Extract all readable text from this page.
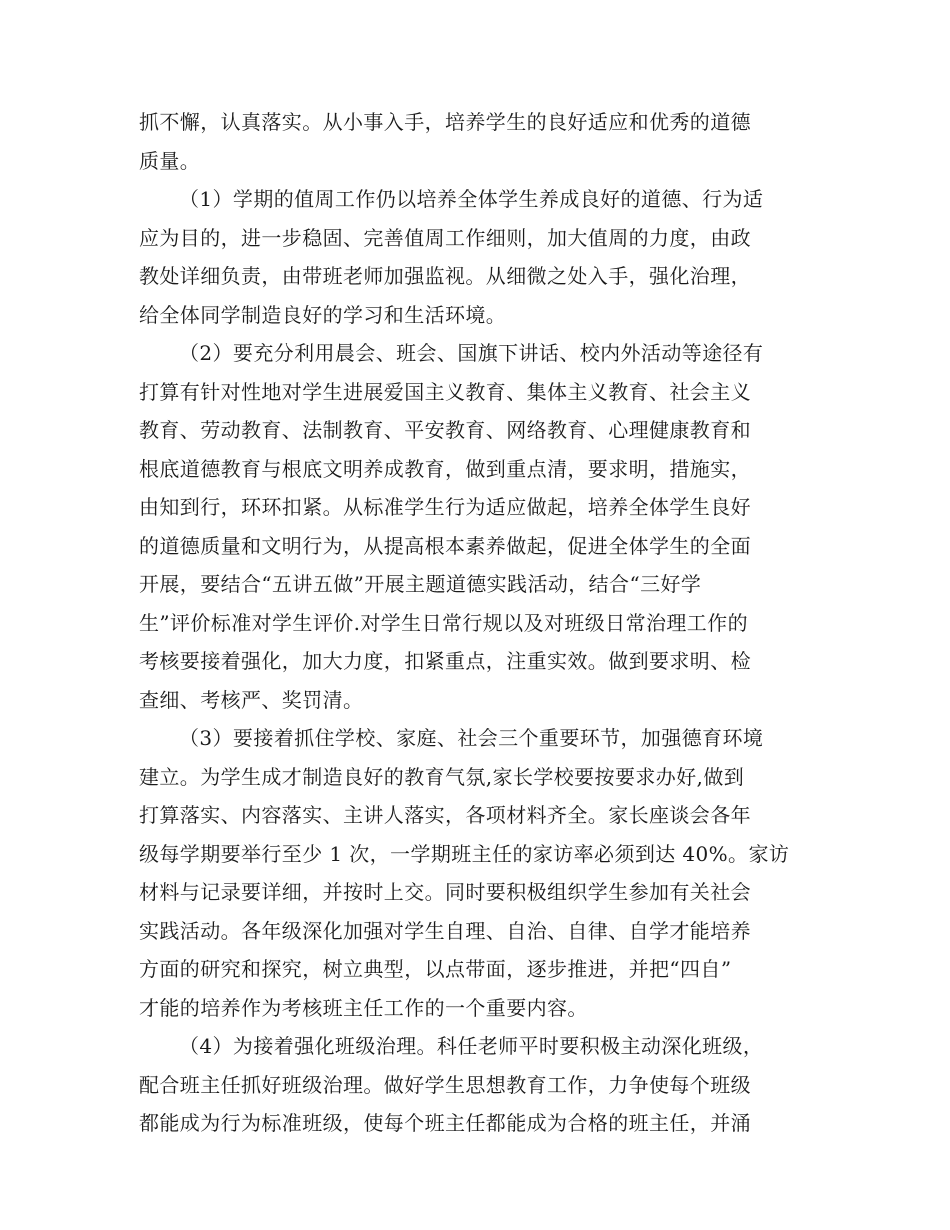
抓不懈，认真落实。从小事入手，培养学生的良好适应和优秀的道德
质量。

（1）学期的值周工作仍以培养全体学生养成良好的道德、行为适
应为目的，进一步稳固、完善值周工作细则，加大值周的力度，由政
教处详细负责，由带班老师加强监视。从细微之处入手，强化治理，
给全体同学制造良好的学习和生活环境。

（2）要充分利用晨会、班会、国旗下讲话、校内外活动等途径有
打算有针对性地对学生进展爱国主义教育、集体主义教育、社会主义
教育、劳动教育、法制教育、平安教育、网络教育、心理健康教育和
根底道德教育与根底文明养成教育，做到重点清，要求明，措施实，
由知到行，环环扣紧。从标准学生行为适应做起，培养全体学生良好
的道德质量和文明行为，从提高根本素养做起，促进全体学生的全面
开展，要结合“五讲五做”开展主题道德实践活动，结合“三好学
生”评价标准对学生评价.对学生日常行规以及对班级日常治理工作的
考核要接着强化，加大力度，扣紧重点，注重实效。做到要求明、检
查细、考核严、奖罚清。

（3）要接着抓住学校、家庭、社会三个重要环节，加强德育环境
建立。为学生成才制造良好的教育气氛,家长学校要按要求办好,做到
打算落实、内容落实、主讲人落实，各项材料齐全。家长座谈会各年
级每学期要举行至少 1 次，一学期班主任的家访率必须到达 40%。家访
材料与记录要详细，并按时上交。同时要积极组织学生参加有关社会
实践活动。各年级深化加强对学生自理、自治、自律、自学才能培养
方面的研究和探究，树立典型，以点带面，逐步推进，并把“四自”
才能的培养作为考核班主任工作的一个重要内容。

（4）为接着强化班级治理。科任老师平时要积极主动深化班级，
配合班主任抓好班级治理。做好学生思想教育工作，力争使每个班级
都能成为行为标准班级，使每个班主任都能成为合格的班主任，并涌
